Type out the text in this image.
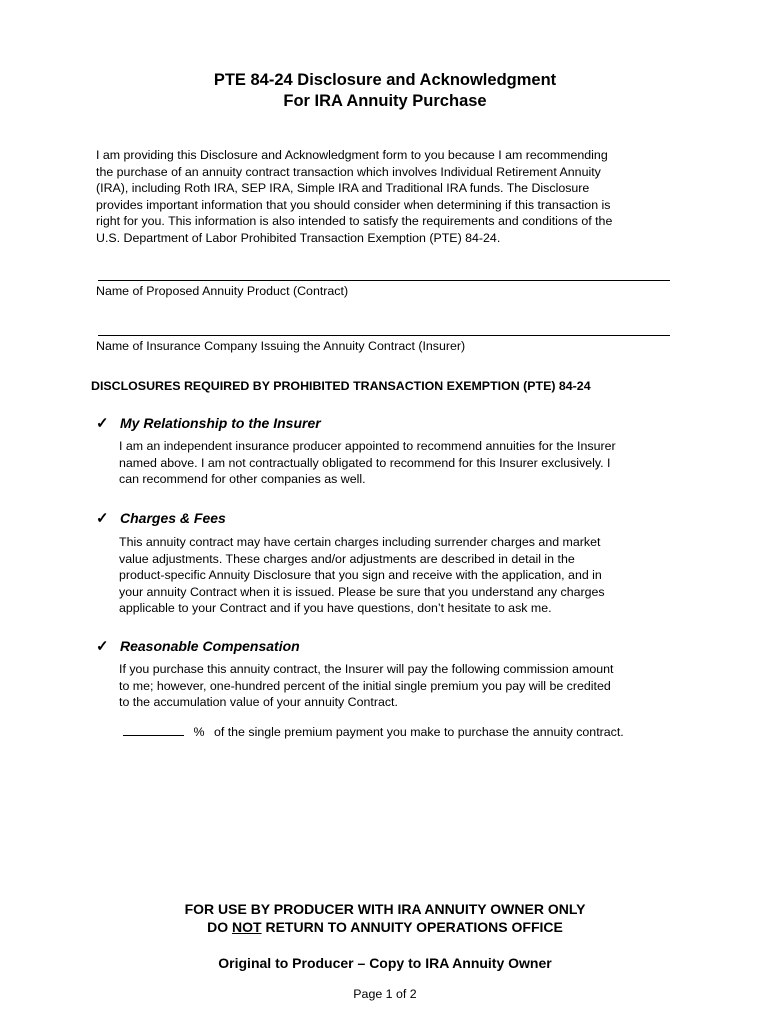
PTE 84-24 Disclosure and Acknowledgment
For IRA Annuity Purchase
I am providing this Disclosure and Acknowledgment form to you because I am recommending
the purchase of an annuity contract transaction which involves Individual Retirement Annuity
(IRA), including Roth IRA, SEP IRA, Simple IRA and Traditional IRA funds. The Disclosure
provides important information that you should consider when determining if this transaction is
right for you. This information is also intended to satisfy the requirements and conditions of the
U.S. Department of Labor Prohibited Transaction Exemption (PTE) 84-24.
Name of Proposed Annuity Product (Contract)
Name of Insurance Company Issuing the Annuity Contract (Insurer)
DISCLOSURES REQUIRED BY PROHIBITED TRANSACTION EXEMPTION (PTE) 84-24
✓ My Relationship to the Insurer
I am an independent insurance producer appointed to recommend annuities for the Insurer
named above. I am not contractually obligated to recommend for this Insurer exclusively. I
can recommend for other companies as well.
✓ Charges & Fees
This annuity contract may have certain charges including surrender charges and market
value adjustments. These charges and/or adjustments are described in detail in the
product-specific Annuity Disclosure that you sign and receive with the application, and in
your annuity Contract when it is issued. Please be sure that you understand any charges
applicable to your Contract and if you have questions, don’t hesitate to ask me.
✓ Reasonable Compensation
If you purchase this annuity contract, the Insurer will pay the following commission amount
to me; however, one-hundred percent of the initial single premium you pay will be credited
to the accumulation value of your annuity Contract.
% of the single premium payment you make to purchase the annuity contract.
FOR USE BY PRODUCER WITH IRA ANNUITY OWNER ONLY
DO NOT RETURN TO ANNUITY OPERATIONS OFFICE
Original to Producer – Copy to IRA Annuity Owner
Page 1 of 2
